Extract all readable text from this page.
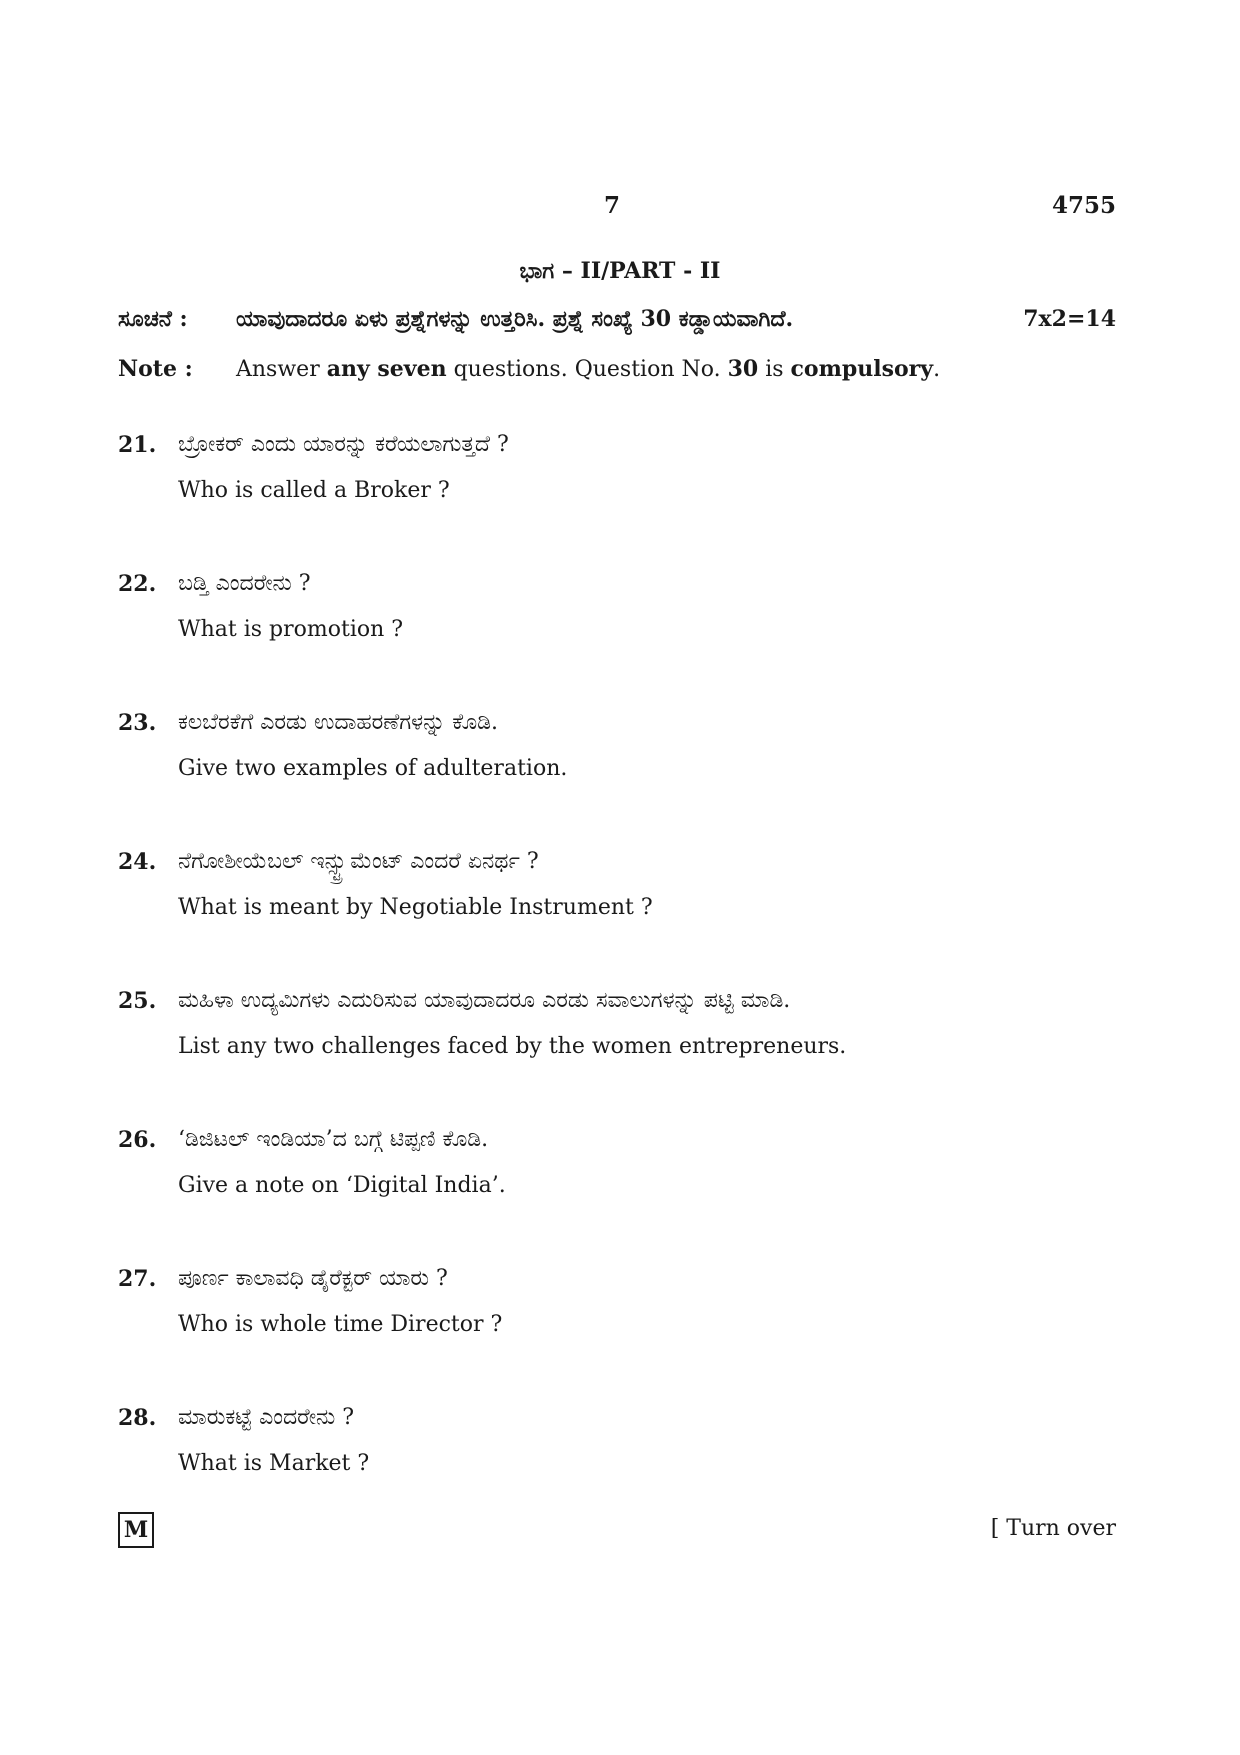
7	4755
ಭಾಗ – II/PART - II
ಸೂಚನೆ : ಯಾವುದಾದರೂ ಏಳು ಪ್ರಶ್ನೆಗಳನ್ನು ಉತ್ತರಿಸಿ. ಪ್ರಶ್ನೆ ಸಂಖ್ಯೆ 30 ಕಡ್ಡಾಯವಾಗಿದೆ.	7x2=14
Note : Answer any seven questions. Question No. 30 is compulsory.
21. ಬ್ರೋಕರ್ ಎಂದು ಯಾರನ್ನು ಕರೆಯಲಾಗುತ್ತದೆ ?
Who is called a Broker ?
22. ಬಡ್ತಿ ಎಂದರೇನು ?
What is promotion ?
23. ಕಲಬೆರಕೆಗೆ ಎರಡು ಉದಾಹರಣೆಗಳನ್ನು ಕೊಡಿ.
Give two examples of adulteration.
24. ನೆಗೋಶೀಯೆಬಲ್ ಇನ್ಸ್ಟ್ರುಮೆಂಟ್ ಎಂದರೆ ಏನರ್ಥ ?
What is meant by Negotiable Instrument ?
25. ಮಹಿಳಾ ಉದ್ಯಮಿಗಳು ಎದುರಿಸುವ ಯಾವುದಾದರೂ ಎರಡು ಸವಾಲುಗಳನ್ನು ಪಟ್ಟಿ ಮಾಡಿ.
List any two challenges faced by the women entrepreneurs.
26. ‘ಡಿಜಿಟಲ್ ಇಂಡಿಯಾ’ದ ಬಗ್ಗೆ ಟಿಪ್ಪಣಿ ಕೊಡಿ.
Give a note on ‘Digital India’.
27. ಪೂರ್ಣ ಕಾಲಾವಧಿ ಡೈರೆಕ್ಟರ್ ಯಾರು ?
Who is whole time Director ?
28. ಮಾರುಕಟ್ಟೆ ಎಂದರೇನು ?
What is Market ?
M	[ Turn over
